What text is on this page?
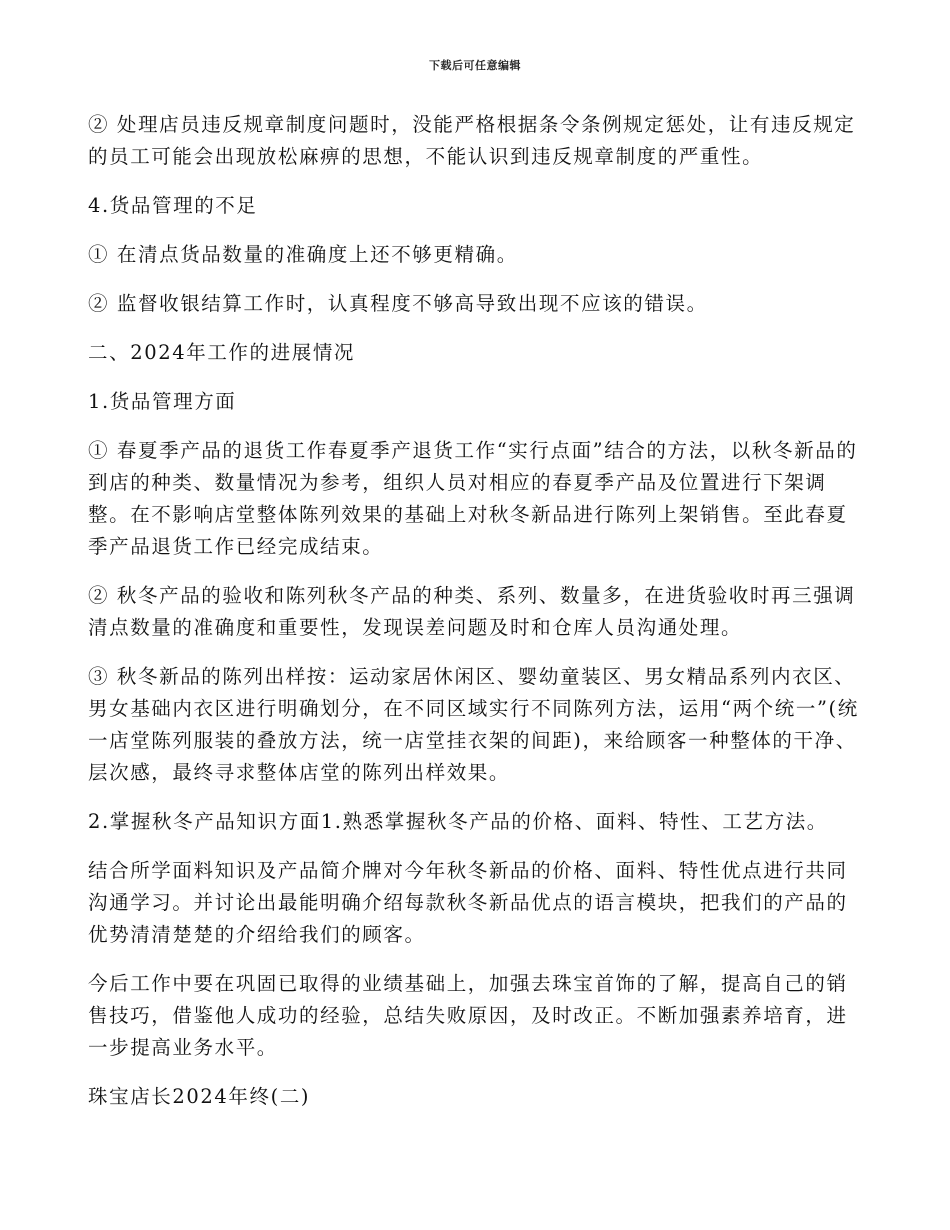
下载后可任意编辑

② 处理店员违反规章制度问题时，没能严格根据条令条例规定惩处，让有违反规定的员工可能会出现放松麻痹的思想，不能认识到违反规章制度的严重性。

4.货品管理的不足

① 在清点货品数量的准确度上还不够更精确。

② 监督收银结算工作时，认真程度不够高导致出现不应该的错误。

二、2024年工作的进展情况

1.货品管理方面

① 春夏季产品的退货工作春夏季产退货工作“实行点面”结合的方法，以秋冬新品的到店的种类、数量情况为参考，组织人员对相应的春夏季产品及位置进行下架调整。在不影响店堂整体陈列效果的基础上对秋冬新品进行陈列上架销售。至此春夏季产品退货工作已经完成结束。

② 秋冬产品的验收和陈列秋冬产品的种类、系列、数量多，在进货验收时再三强调清点数量的准确度和重要性，发现误差问题及时和仓库人员沟通处理。

③ 秋冬新品的陈列出样按：运动家居休闲区、婴幼童装区、男女精品系列内衣区、男女基础内衣区进行明确划分，在不同区域实行不同陈列方法，运用“两个统一”(统一店堂陈列服装的叠放方法，统一店堂挂衣架的间距)，来给顾客一种整体的干净、层次感，最终寻求整体店堂的陈列出样效果。

2.掌握秋冬产品知识方面1.熟悉掌握秋冬产品的价格、面料、特性、工艺方法。

结合所学面料知识及产品简介牌对今年秋冬新品的价格、面料、特性优点进行共同沟通学习。并讨论出最能明确介绍每款秋冬新品优点的语言模块，把我们的产品的优势清清楚楚的介绍给我们的顾客。

今后工作中要在巩固已取得的业绩基础上，加强去珠宝首饰的了解，提高自己的销售技巧，借鉴他人成功的经验，总结失败原因，及时改正。不断加强素养培育，进一步提高业务水平。

珠宝店长2024年终(二)
